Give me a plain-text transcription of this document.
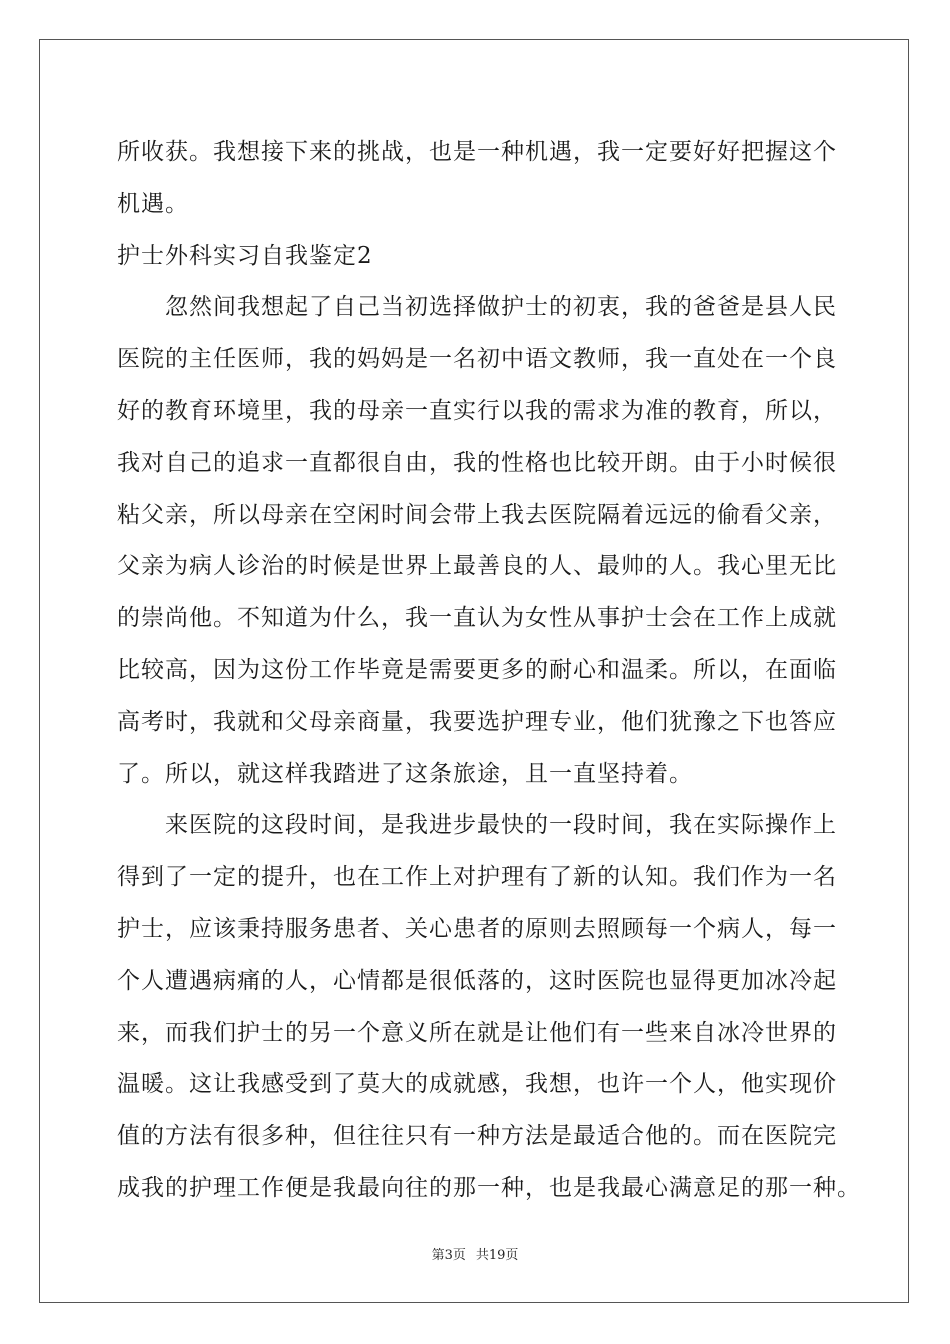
所收获。我想接下来的挑战，也是一种机遇，我一定要好好把握这个
机遇。
护士外科实习自我鉴定2
　　忽然间我想起了自己当初选择做护士的初衷，我的爸爸是县人民
医院的主任医师，我的妈妈是一名初中语文教师，我一直处在一个良
好的教育环境里，我的母亲一直实行以我的需求为准的教育，所以，
我对自己的追求一直都很自由，我的性格也比较开朗。由于小时候很
粘父亲，所以母亲在空闲时间会带上我去医院隔着远远的偷看父亲，
父亲为病人诊治的时候是世界上最善良的人、最帅的人。我心里无比
的崇尚他。不知道为什么，我一直认为女性从事护士会在工作上成就
比较高，因为这份工作毕竟是需要更多的耐心和温柔。所以，在面临
高考时，我就和父母亲商量，我要选护理专业，他们犹豫之下也答应
了。所以，就这样我踏进了这条旅途，且一直坚持着。
　　来医院的这段时间，是我进步最快的一段时间，我在实际操作上
得到了一定的提升，也在工作上对护理有了新的认知。我们作为一名
护士，应该秉持服务患者、关心患者的原则去照顾每一个病人，每一
个人遭遇病痛的人，心情都是很低落的，这时医院也显得更加冰冷起
来，而我们护士的另一个意义所在就是让他们有一些来自冰冷世界的
温暖。这让我感受到了莫大的成就感，我想，也许一个人，他实现价
值的方法有很多种，但往往只有一种方法是最适合他的。而在医院完
成我的护理工作便是我最向往的那一种，也是我最心满意足的那一种。
第3页 共19页
